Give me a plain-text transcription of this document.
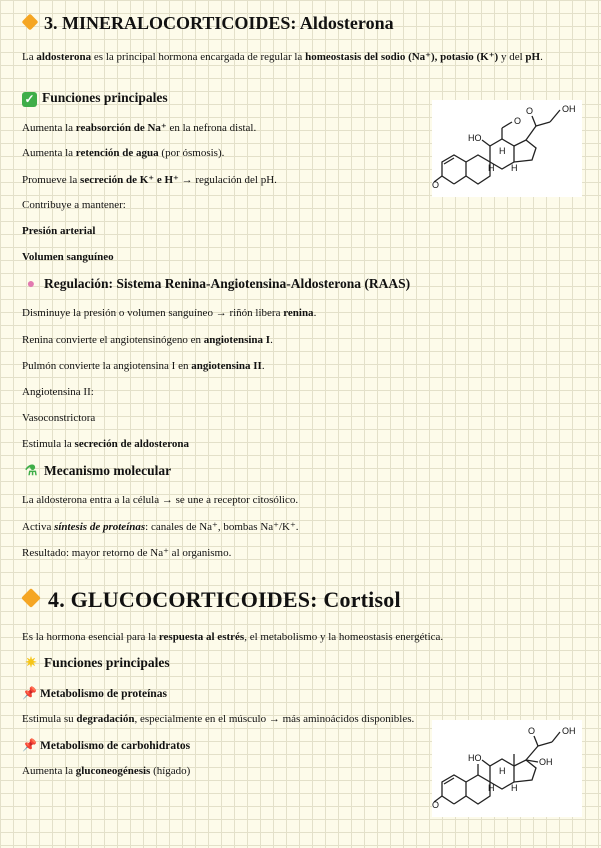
3. MINERALOCORTICOIDES: Aldosterona
La aldosterona es la principal hormona encargada de regular la homeostasis del sodio (Na⁺), potasio (K⁺) y del pH.
✓ Funciones principales
Aumenta la reabsorción de Na⁺ en la nefrona distal.
Aumenta la retención de agua (por ósmosis).
Promueve la secreción de K⁺ e H⁺ → regulación del pH.
Contribuye a mantener:
Presión arterial
Volumen sanguíneo
● Regulación: Sistema Renina-Angiotensina-Aldosterona (RAAS)
Disminuye la presión o volumen sanguíneo → riñón libera renina.
Renina convierte el angiotensinógeno en angiotensina I.
Pulmón convierte la angiotensina I en angiotensina II.
Angiotensina II:
Vasoconstrictora
Estimula la secreción de aldosterona
⚗ Mecanismo molecular
La aldosterona entra a la célula → se une a receptor citosólico.
Activa síntesis de proteínas: canales de Na⁺, bombas Na⁺/K⁺.
Resultado: mayor retorno de Na⁺ al organismo.
4. GLUCOCORTICOIDES: Cortisol
Es la hormona esencial para la respuesta al estrés, el metabolismo y la homeostasis energética.
✷ Funciones principales
📌 Metabolismo de proteínas
Estimula su degradación, especialmente en el músculo → más aminoácidos disponibles.
📌 Metabolismo de carbohidratos
Aumenta la gluconeogénesis (hígado)
O
HO
O
O	OH
H
H H
O
HO
O	OH
OH
H
H H
